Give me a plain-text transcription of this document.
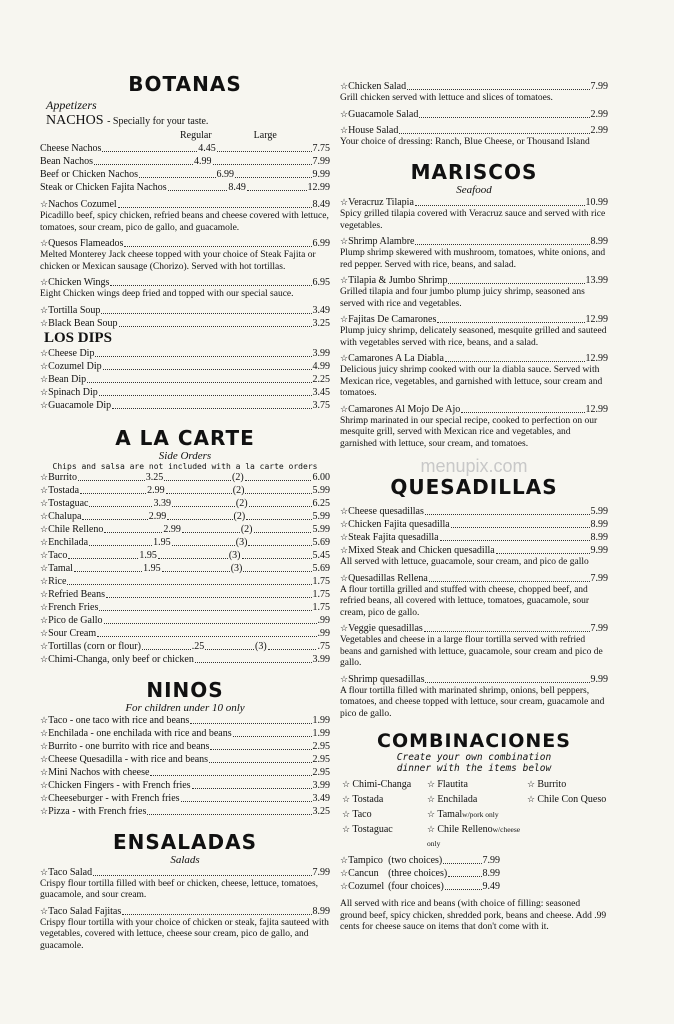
BOTANAS
Appetizers
NACHOS - Specially for your taste.
Regular	Large
Cheese Nachos	4.45	7.75
Bean Nachos	4.99	7.99
Beef or Chicken Nachos	6.99	9.99
Steak or Chicken Fajita Nachos	8.49	12.99
☆ Nachos Cozumel	8.49
Picadillo beef, spicy chicken, refried beans and cheese covered with lettuce, tomatoes, sour cream, pico de gallo, and guacamole.
☆ Quesos Flameados	6.99
Melted Monterey Jack cheese topped with your choice of Steak Fajita or chicken or Mexican sausage (Chorizo). Served with hot tortillas.
☆ Chicken Wings	6.95
Eight Chicken wings deep fried and topped with our special sauce.
☆ Tortilla Soup	3.49
☆ Black Bean Soup	3.25
LOS DIPS
☆ Cheese Dip	3.99
☆ Cozumel Dip	4.99
☆ Bean Dip	2.25
☆ Spinach Dip	3.45
☆ Guacamole Dip	3.75
A LA CARTE
Side Orders
Chips and salsa are not included with a la carte orders
☆ Burrito	3.25	(2)	6.00
☆ Tostada	2.99	(2)	5.99
☆ Tostaguac	3.39	(2)	6.25
☆ Chalupa	2.99	(2)	5.99
☆ Chile Relleno	2.99	(2)	5.99
☆ Enchilada	1.95	(3)	5.69
☆ Taco	1.95	(3)	5.45
☆ Tamal	1.95	(3)	5.69
☆ Rice	1.75
☆ Refried Beans	1.75
☆ French Fries	1.75
☆ Pico de Gallo	.99
☆ Sour Cream	.99
☆ Tortillas (corn or flour)	.25	(3)	.75
☆ Chimi-Changa, only beef or chicken	3.99
NINOS
For children under 10 only
☆ Taco - one taco with rice and beans	1.99
☆ Enchilada - one enchilada with rice and beans	1.99
☆ Burrito - one burrito with rice and beans	2.95
☆ Cheese Quesadilla - with rice and beans	2.95
☆ Mini Nachos with cheese	2.95
☆ Chicken Fingers - with French fries	3.99
☆ Cheeseburger - with French fries	3.49
☆ Pizza - with French fries	3.25
ENSALADAS
Salads
☆ Taco Salad	7.99
Crispy flour tortilla filled with beef or chicken, cheese, lettuce, tomatoes, guacamole, and sour cream.
☆ Taco Salad Fajitas	8.99
Crispy flour tortilla with your choice of chicken or steak, fajita sauteed with vegetables, covered with lettuce, cheese sour cream, pico de gallo, and guacamole.
☆ Chicken Salad	7.99
Grill chicken served with lettuce and slices of tomatoes.
☆ Guacamole Salad	2.99
☆ House Salad	2.99
Your choice of dressing: Ranch, Blue Cheese, or Thousand Island
MARISCOS
Seafood
☆ Veracruz Tilapia	10.99
Spicy grilled tilapia covered with Veracruz sauce and served with rice vegetables.
☆ Shrimp Alambre	8.99
Plump shrimp skewered with mushroom, tomatoes, white onions, and red pepper. Served with rice, beans, and salad.
☆ Tilapia & Jumbo Shrimp	13.99
Grilled tilapia and four jumbo plump juicy shrimp, seasoned ans served with rice and vegetables.
☆ Fajitas De Camarones	12.99
Plump juicy shrimp, delicately seasoned, mesquite grilled and sauteed with vegetables served with rice, beans, and a salad.
☆ Camarones A La Diabla	12.99
Delicious juicy shrimp cooked with our la diabla sauce. Served with Mexican rice, vegetables, and garnished with lettuce, sour cream and tomatoes.
☆ Camarones Al Mojo De Ajo	12.99
Shrimp marinated in our special recipe, cooked to perfection on our mesquite grill, served with Mexican rice and vegetables, and garnished with lettuce, sour cream, and tomatoes.
menupix.com
QUESADILLAS
☆ Cheese quesadillas	5.99
☆ Chicken Fajita quesadilla	8.99
☆ Steak Fajita quesadilla	8.99
☆ Mixed Steak and Chicken quesadilla	9.99
All served with lettuce, guacamole, sour cream, and pico de gallo
☆ Quesadillas Rellena	7.99
A flour tortilla grilled and stuffed with cheese, chopped beef, and refried beans, all covered with lettuce, tomatoes, guacamole, sour cream, pico de gallo.
☆ Veggie quesadillas	7.99
Vegetables and cheese in a large flour tortilla served with refried beans and garnished with lettuce, guacamole, sour cream and pico de gallo.
☆ Shrimp quesadillas	9.99
A flour tortilla filled with marinated shrimp, onions, bell peppers, tomatoes, and cheese topped with lettuce, sour cream, guacamole and pico de gallo.
COMBINACIONES
Create your own combination
dinner with the items below
☆ Chimi-Changa
☆ Tostada
☆ Taco
☆ Tostaguac
☆ Flautita
☆ Enchilada
☆ Tamalw/pork only
☆ Chile Rellenow/cheese only
☆ Burrito
☆ Chile Con Queso
☆ Tampico (two choices)	7.99
☆ Cancun (three choices)	8.99
☆ Cozumel (four choices)	9.49
All served with rice and beans (with choice of filling: seasoned ground beef, spicy chicken, shredded pork, beans and cheese. Add .99 cents for cheese sauce on items that don't come with it.
